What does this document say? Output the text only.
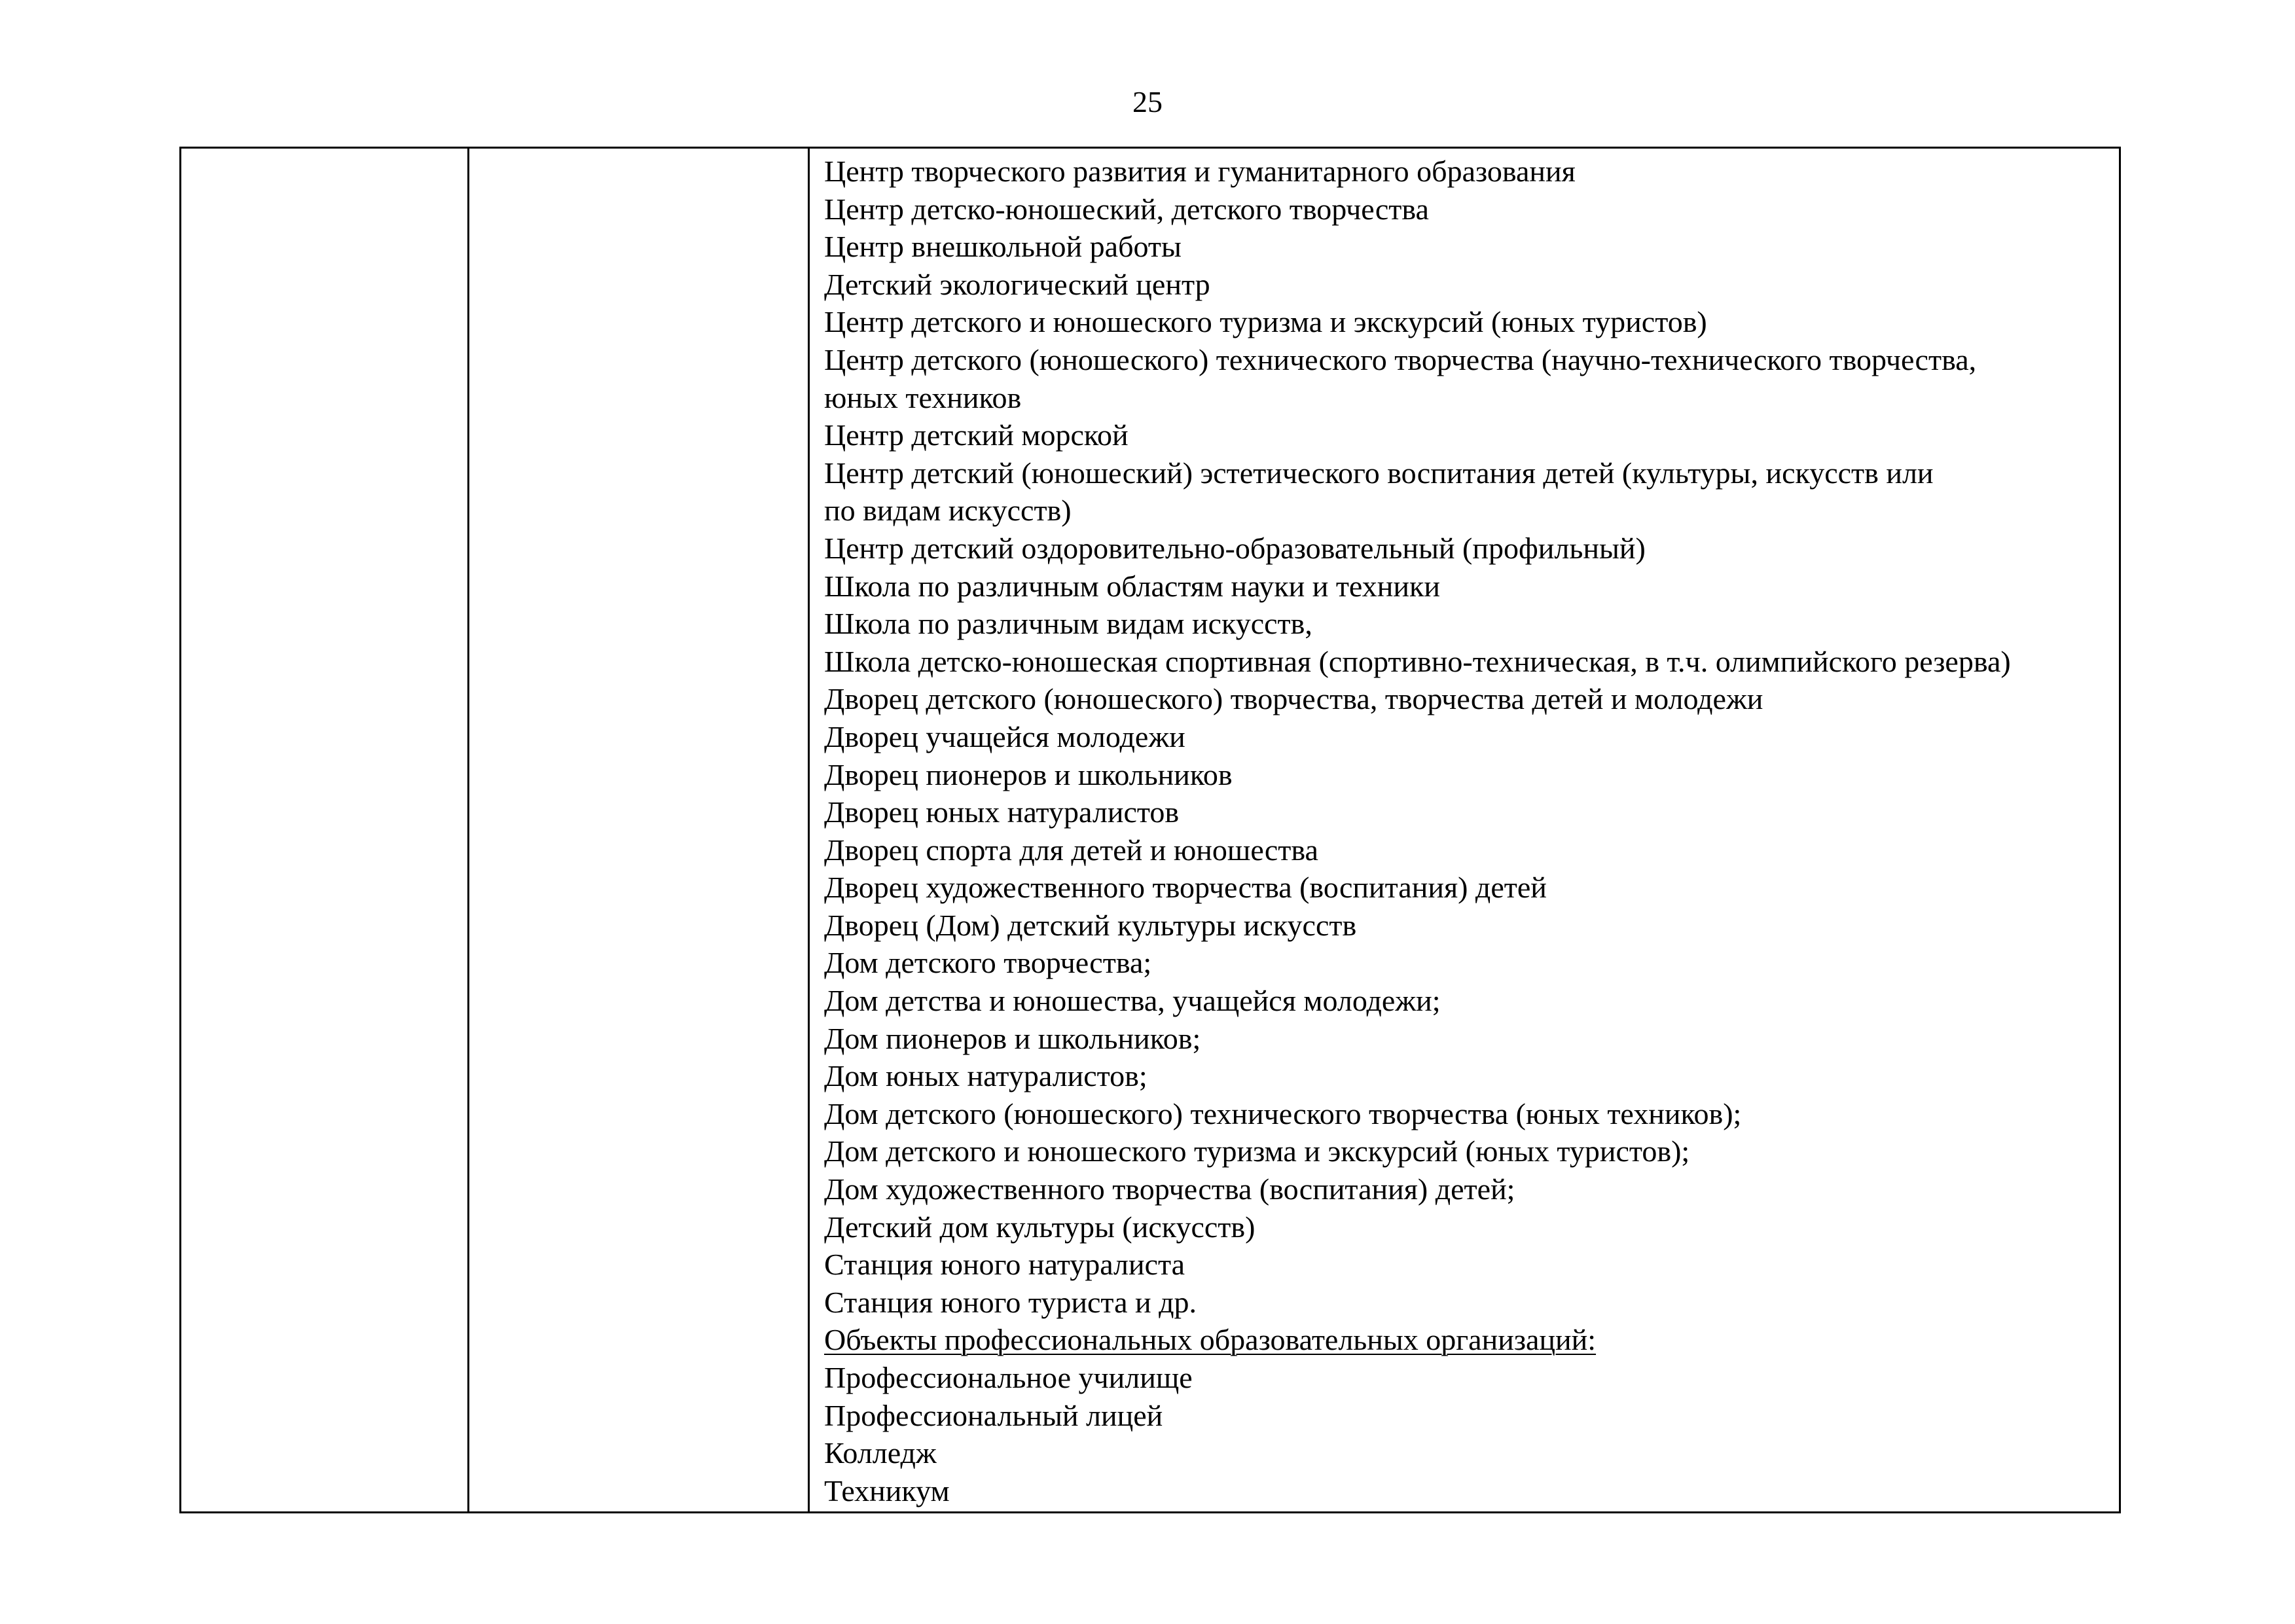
25
Центр творческого развития и гуманитарного образования
Центр детско-юношеский, детского творчества
Центр внешкольной работы
Детский экологический центр
Центр детского и юношеского туризма и экскурсий (юных туристов)
Центр детского (юношеского) технического творчества (научно-технического творчества,
юных техников
Центр детский морской
Центр детский (юношеский) эстетического воспитания детей (культуры, искусств или
по видам искусств)
Центр детский оздоровительно-образовательный (профильный)
Школа по различным областям науки и техники
Школа по различным видам искусств,
Школа детско-юношеская спортивная (спортивно-техническая, в т.ч. олимпийского резерва)
Дворец детского (юношеского) творчества, творчества детей и молодежи
Дворец учащейся молодежи
Дворец пионеров и школьников
Дворец юных натуралистов
Дворец спорта для детей и юношества
Дворец художественного творчества (воспитания) детей
Дворец (Дом) детский культуры искусств
Дом детского творчества;
Дом детства и юношества, учащейся молодежи;
Дом пионеров и школьников;
Дом юных натуралистов;
Дом детского (юношеского) технического творчества (юных техников);
Дом детского и юношеского туризма и экскурсий (юных туристов);
Дом художественного творчества (воспитания) детей;
Детский дом культуры (искусств)
Станция юного натуралиста
Станция юного туриста и др.
Объекты профессиональных образовательных организаций:
Профессиональное училище
Профессиональный лицей
Колледж
Техникум
